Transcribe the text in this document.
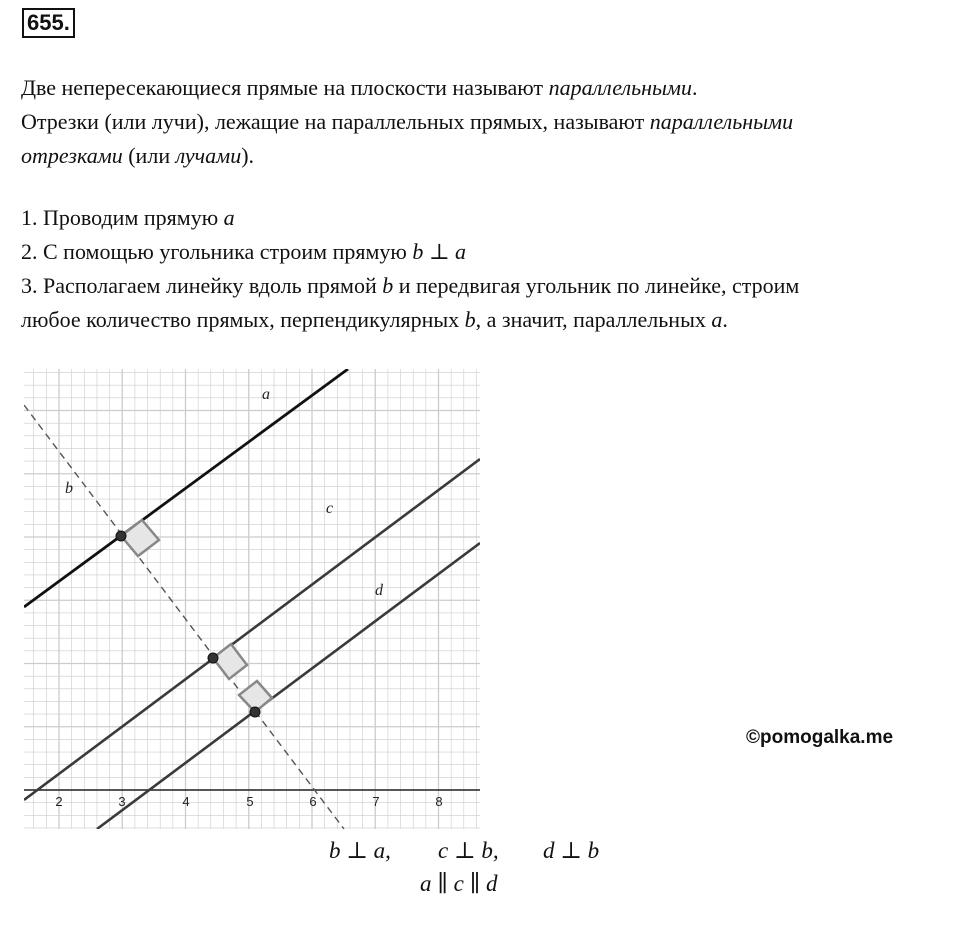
655.
Две непересекающиеся прямые на плоскости называют параллельными.
Отрезки (или лучи), лежащие на параллельных прямых, называют параллельными
отрезками (или лучами).
1. Проводим прямую a
2. С помощью угольника строим прямую b ⊥ a
3. Располагаем линейку вдоль прямой b и передвигая угольник по линейке, строим
любое количество прямых, перпендикулярных b, а значит, параллельных a.
2	3	4	5	6	7	8
a
b
c
d
©pomogalka.me
b ⊥ a, c ⊥ b, d ⊥ b
a ∥ c ∥ d
